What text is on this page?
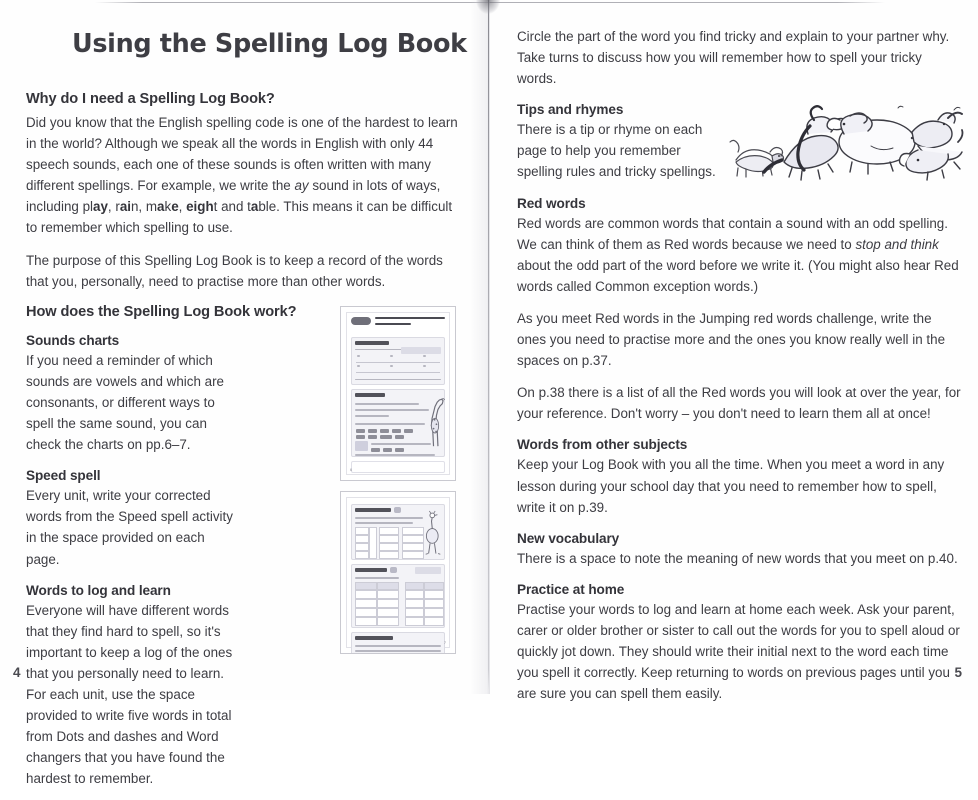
Using the Spelling Log Book
Why do I need a Spelling Log Book?

Did you know that the English spelling code is one of the hardest to learn in the world? Although we speak all the words in English with only 44 speech sounds, each one of these sounds is often written with many different spellings. For example, we write the ay sound in lots of ways, including play, rain, make, eight and table. This means it can be difficult to remember which spelling to use.

The purpose of this Spelling Log Book is to keep a record of the words that you, personally, need to practise more than other words.

How does the Spelling Log Book work?
Sounds charts

If you need a reminder of which sounds are vowels and which are consonants, or different ways to spell the same sound, you can check the charts on pp.6–7.

Speed spell

Every unit, write your corrected words from the Speed spell activity in the space provided on each page.

Words to log and learn

Everyone will have different words that they find hard to spell, so it's important to keep a log of the ones that you personally need to learn. For each unit, use the space provided to write five words in total from Dots and dashes and Word changers that you have found the hardest to remember.

6
7
4

Circle the part of the word you find tricky and explain to your partner why. Take turns to discuss how you will remember how to spell your tricky words.

Tips and rhymes

There is a tip or rhyme on each page to help you remember spelling rules and tricky spellings.

Red words

Red words are common words that contain a sound with an odd spelling. We can think of them as Red words because we need to stop and think about the odd part of the word before we write it. (You might also hear Red words called Common exception words.)

As you meet Red words in the Jumping red words challenge, write the ones you need to practise more and the ones you know really well in the spaces on p.37.

On p.38 there is a list of all the Red words you will look at over the year, for your reference. Don't worry – you don't need to learn them all at once!

Words from other subjects

Keep your Log Book with you all the time. When you meet a word in any lesson during your school day that you need to remember how to spell, write it on p.39.

New vocabulary

There is a space to note the meaning of new words that you meet on p.40.

Practice at home

Practise your words to log and learn at home each week. Ask your parent, carer or older brother or sister to call out the words for you to spell aloud or quickly jot down. They should write their initial next to the word each time you spell it correctly. Keep returning to words on previous pages until you are sure you can spell them easily.

5
